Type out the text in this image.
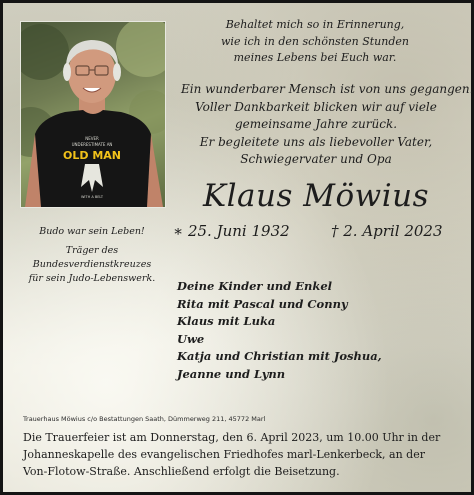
NEVER
UNDERESTIMATE AN
OLD MAN
WITH A BELT
Behaltet mich so in Erinnerung,
wie ich in den schönsten Stunden
meines Lebens bei Euch war.
Ein wunderbarer Mensch ist von uns gegangen.
Voller Dankbarkeit blicken wir auf viele
gemeinsame Jahre zurück.
Er begleitete uns als liebevoller Vater,
Schwiegervater und Opa
Klaus Möwius
∗ 25. Juni 1932	† 2. April 2023
Budo war sein Leben!
Träger des
Bundesverdienstkreuzes
für sein Judo-Lebenswerk.
Deine Kinder und Enkel
Rita mit Pascal und Conny
Klaus mit Luka
Uwe
Katja und Christian mit Joshua,
Jeanne und Lynn
Trauerhaus Möwius c/o Bestattungen Saath, Dümmerweg 211, 45772 Marl
Die Trauerfeier ist am Donnerstag, den 6. April 2023, um 10.00 Uhr in der
Johanneskapelle des evangelischen Friedhofes marl-Lenkerbeck, an der
Von-Flotow-Straße. Anschließend erfolgt die Beisetzung.
